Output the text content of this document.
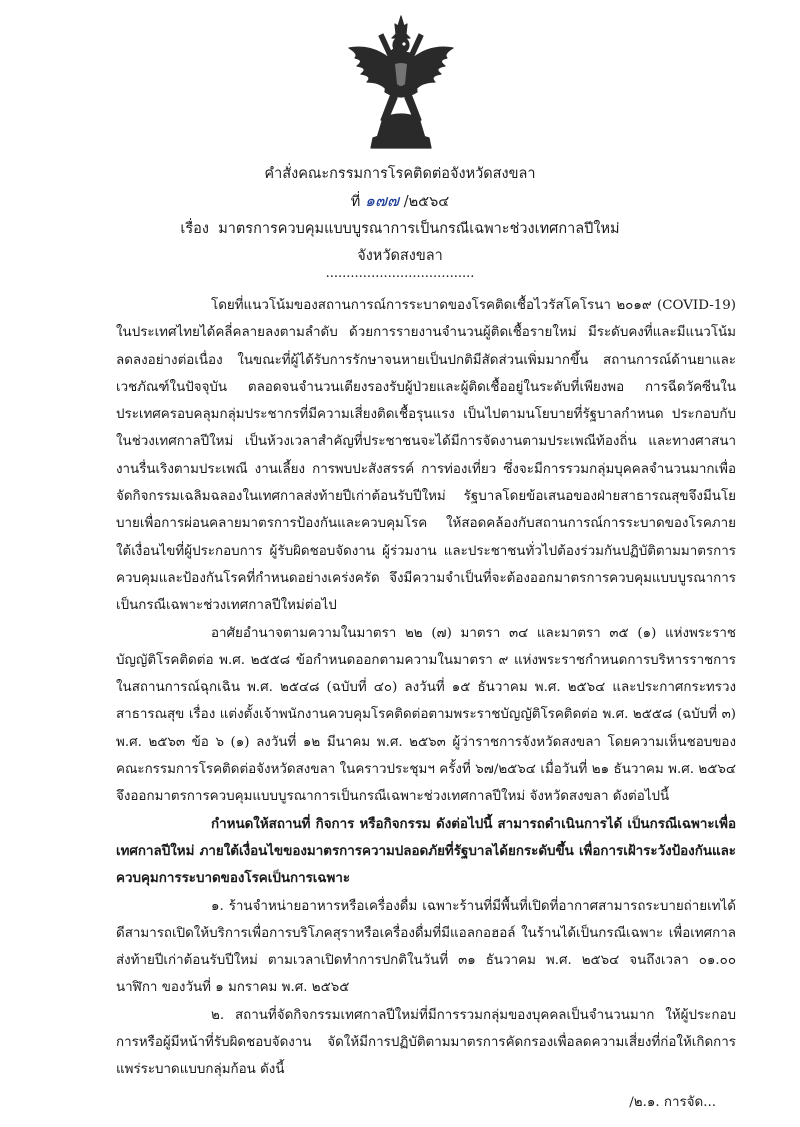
คำสั่งคณะกรรมการโรคติดต่อจังหวัดสงขลา
ที่ ๑๗๗ /๒๕๖๔
เรื่อง มาตรการควบคุมแบบบูรณาการเป็นกรณีเฉพาะช่วงเทศกาลปีใหม่
จังหวัดสงขลา
....................................

โดยที่แนวโน้มของสถานการณ์การระบาดของโรคติดเชื้อไวรัสโคโรนา ๒๐๑๙ (COVID-19) ในประเทศไทยได้คลี่คลายลงตามลำดับ ด้วยการรายงานจำนวนผู้ติดเชื้อรายใหม่ มีระดับคงที่และมีแนวโน้มลดลงอย่างต่อเนื่อง ในขณะที่ผู้ได้รับการรักษาจนหายเป็นปกติมีสัดส่วนเพิ่มมากขึ้น สถานการณ์ด้านยาและเวชภัณฑ์ในปัจจุบัน ตลอดจนจำนวนเตียงรองรับผู้ป่วยและผู้ติดเชื้ออยู่ในระดับที่เพียงพอ การฉีดวัคซีนในประเทศครอบคลุมกลุ่มประชากรที่มีความเสี่ยงติดเชื้อรุนแรง เป็นไปตามนโยบายที่รัฐบาลกำหนด ประกอบกับในช่วงเทศกาลปีใหม่ เป็นห้วงเวลาสำคัญที่ประชาชนจะได้มีการจัดงานตามประเพณีท้องถิ่น และทางศาสนางานรื่นเริงตามประเพณี งานเลี้ยง การพบปะสังสรรค์ การท่องเที่ยว ซึ่งจะมีการรวมกลุ่มบุคคลจำนวนมากเพื่อจัดกิจกรรมเฉลิมฉลองในเทศกาลส่งท้ายปีเก่าต้อนรับปีใหม่ รัฐบาลโดยข้อเสนอของฝ่ายสาธารณสุขจึงมีนโยบายเพื่อการผ่อนคลายมาตรการป้องกันและควบคุมโรค ให้สอดคล้องกับสถานการณ์การระบาดของโรคภายใต้เงื่อนไขที่ผู้ประกอบการ ผู้รับผิดชอบจัดงาน ผู้ร่วมงาน และประชาชนทั่วไปต้องร่วมกันปฏิบัติตามมาตรการควบคุมและป้องกันโรคที่กำหนดอย่างเคร่งครัด จึงมีความจำเป็นที่จะต้องออกมาตรการควบคุมแบบบูรณาการเป็นกรณีเฉพาะช่วงเทศกาลปีใหม่ต่อไป

อาศัยอำนาจตามความในมาตรา ๒๒ (๗) มาตรา ๓๔ และมาตรา ๓๕ (๑) แห่งพระราชบัญญัติโรคติดต่อ พ.ศ. ๒๕๕๘ ข้อกำหนดออกตามความในมาตรา ๙ แห่งพระราชกำหนดการบริหารราชการในสถานการณ์ฉุกเฉิน พ.ศ. ๒๕๔๘ (ฉบับที่ ๔๐) ลงวันที่ ๑๕ ธันวาคม พ.ศ. ๒๕๖๔ และประกาศกระทรวงสาธารณสุข เรื่อง แต่งตั้งเจ้าพนักงานควบคุมโรคติดต่อตามพระราชบัญญัติโรคติดต่อ พ.ศ. ๒๕๕๘ (ฉบับที่ ๓) พ.ศ. ๒๕๖๓ ข้อ ๖ (๑) ลงวันที่ ๑๒ มีนาคม พ.ศ. ๒๕๖๓ ผู้ว่าราชการจังหวัดสงขลา โดยความเห็นชอบของคณะกรรมการโรคติดต่อจังหวัดสงขลา ในคราวประชุมฯ ครั้งที่ ๖๗/๒๕๖๔ เมื่อวันที่ ๒๑ ธันวาคม พ.ศ. ๒๕๖๔ จึงออกมาตรการควบคุมแบบบูรณาการเป็นกรณีเฉพาะช่วงเทศกาลปีใหม่ จังหวัดสงขลา ดังต่อไปนี้

กำหนดให้สถานที่ กิจการ หรือกิจกรรม ดังต่อไปนี้ สามารถดำเนินการได้ เป็นกรณีเฉพาะเพื่อเทศกาลปีใหม่ ภายใต้เงื่อนไขของมาตรการความปลอดภัยที่รัฐบาลได้ยกระดับขึ้น เพื่อการเฝ้าระวังป้องกันและควบคุมการระบาดของโรคเป็นการเฉพาะ

๑. ร้านจำหน่ายอาหารหรือเครื่องดื่ม เฉพาะร้านที่มีพื้นที่เปิดที่อากาศสามารถระบายถ่ายเทได้ดีสามารถเปิดให้บริการเพื่อการบริโภคสุราหรือเครื่องดื่มที่มีแอลกอฮอล์ ในร้านได้เป็นกรณีเฉพาะ เพื่อเทศกาลส่งท้ายปีเก่าต้อนรับปีใหม่ ตามเวลาเปิดทำการปกติในวันที่ ๓๑ ธันวาคม พ.ศ. ๒๕๖๔ จนถึงเวลา ๐๑.๐๐ นาฬิกา ของวันที่ ๑ มกราคม พ.ศ. ๒๕๖๕

๒. สถานที่จัดกิจกรรมเทศกาลปีใหม่ที่มีการรวมกลุ่มของบุคคลเป็นจำนวนมาก ให้ผู้ประกอบการหรือผู้มีหน้าที่รับผิดชอบจัดงาน จัดให้มีการปฏิบัติตามมาตรการคัดกรองเพื่อลดความเสี่ยงที่ก่อให้เกิดการแพร่ระบาดแบบกลุ่มก้อน ดังนี้

/๒.๑. การจัด...
